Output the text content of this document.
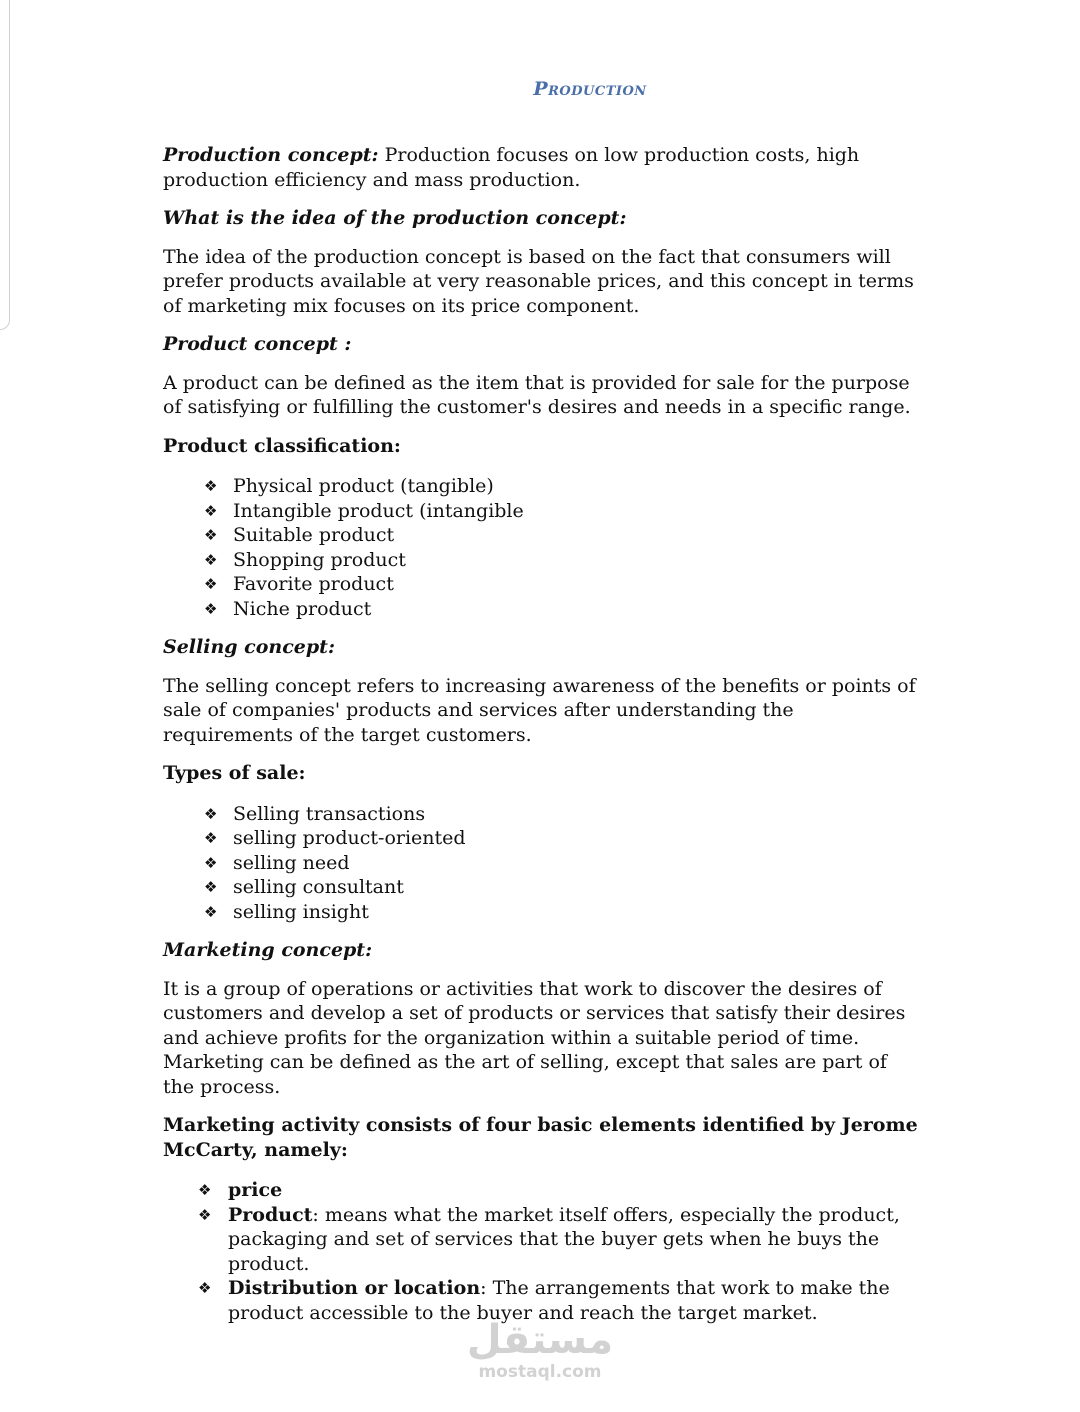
Production

Production concept: Production focuses on low production costs, high production efficiency and mass production.

What is the idea of the production concept:

The idea of the production concept is based on the fact that consumers will prefer products available at very reasonable prices, and this concept in terms of marketing mix focuses on its price component.

Product concept :

A product can be defined as the item that is provided for sale for the purpose of satisfying or fulfilling the customer's desires and needs in a specific range.

Product classification:

❖ Physical product (tangible)
❖ Intangible product (intangible
❖ Suitable product
❖ Shopping product
❖ Favorite product
❖ Niche product

Selling concept:

The selling concept refers to increasing awareness of the benefits or points of sale of companies' products and services after understanding the requirements of the target customers.

Types of sale:

❖ Selling transactions
❖ selling product-oriented
❖ selling need
❖ selling consultant
❖ selling insight

Marketing concept:

It is a group of operations or activities that work to discover the desires of customers and develop a set of products or services that satisfy their desires and achieve profits for the organization within a suitable period of time. Marketing can be defined as the art of selling, except that sales are part of the process.

Marketing activity consists of four basic elements identified by Jerome McCarty, namely:

❖ price
❖ Product: means what the market itself offers, especially the product, packaging and set of services that the buyer gets when he buys the product.
❖ Distribution or location: The arrangements that work to make the product accessible to the buyer and reach the target market.
مستقل
mostaql.com
